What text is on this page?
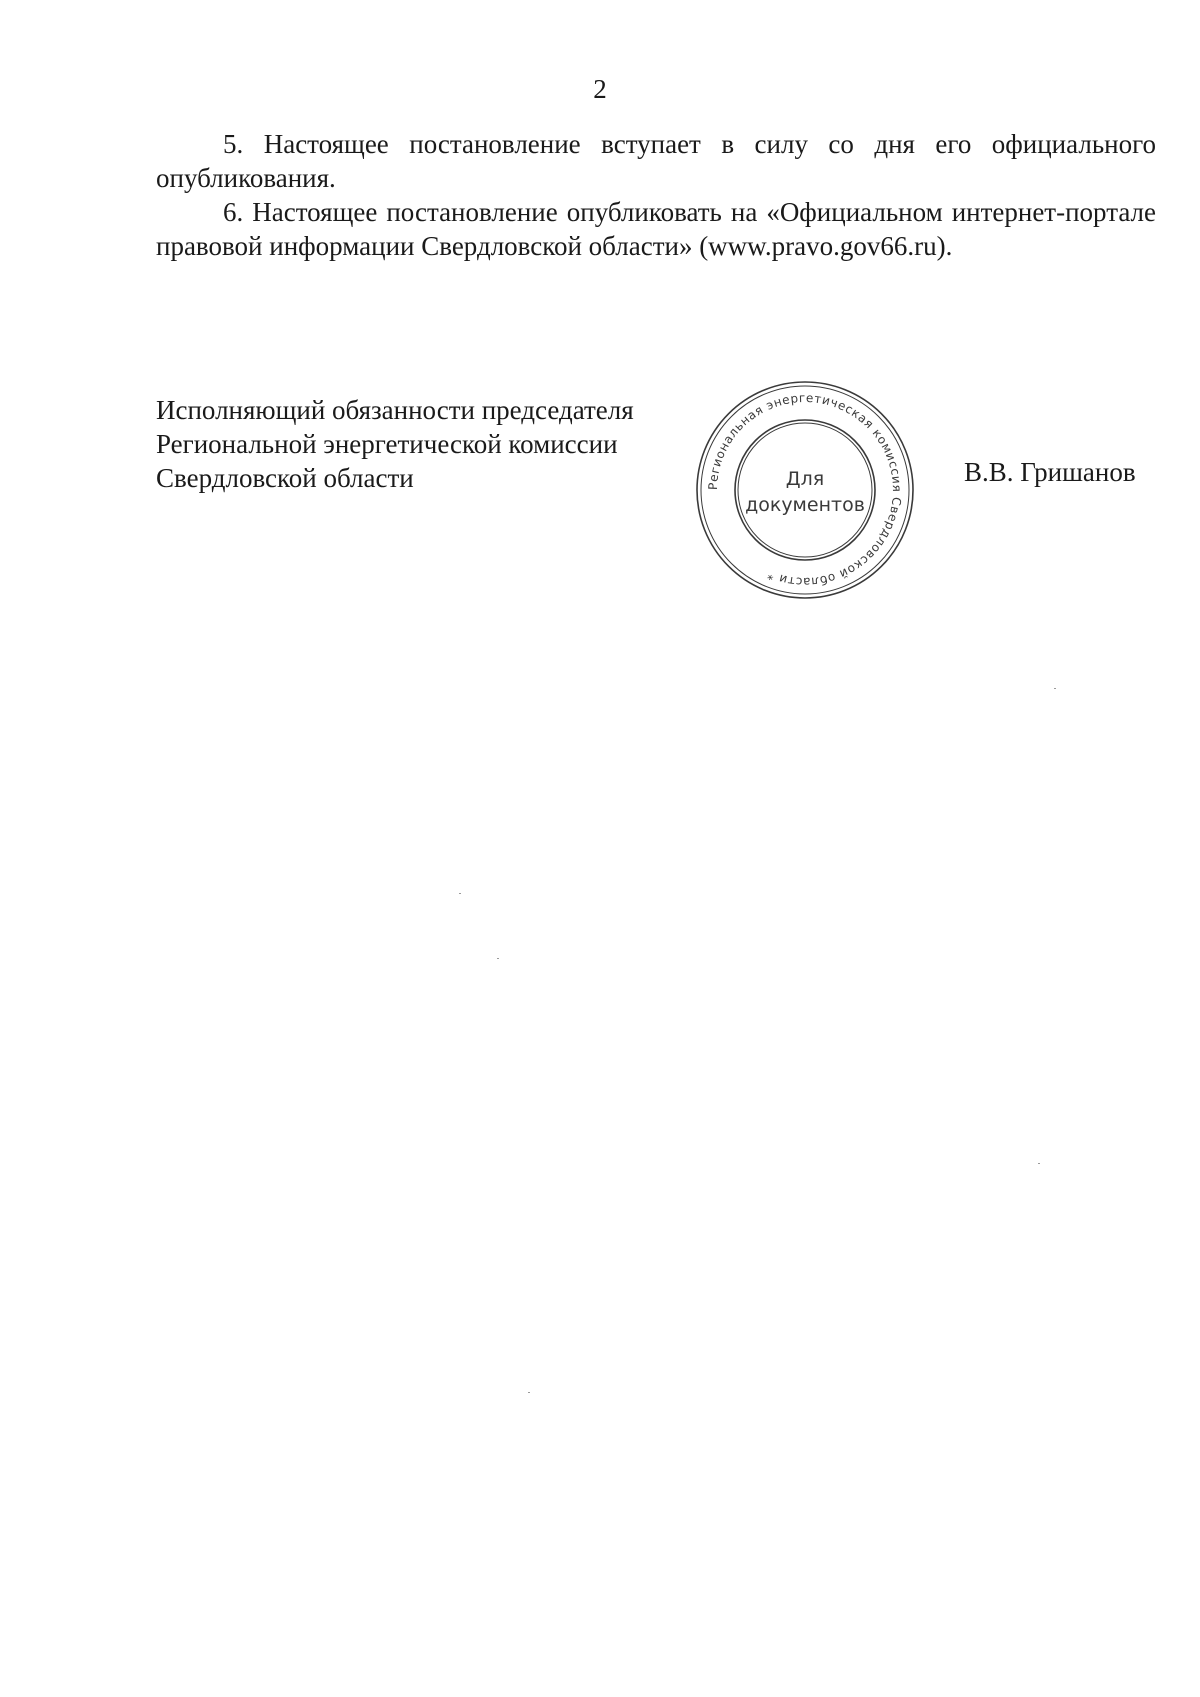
2

5. Настоящее постановление вступает в силу со дня его официального опубликования.

6. Настоящее постановление опубликовать на «Официальном интернет-портале правовой информации Свердловской области» (www.pravo.gov66.ru).

Исполняющий обязанности председателя
Региональной энергетической комиссии
Свердловской области	Региональная энергетическая комиссия Свердловской области *
Для
документов
В.В. Гришанов
